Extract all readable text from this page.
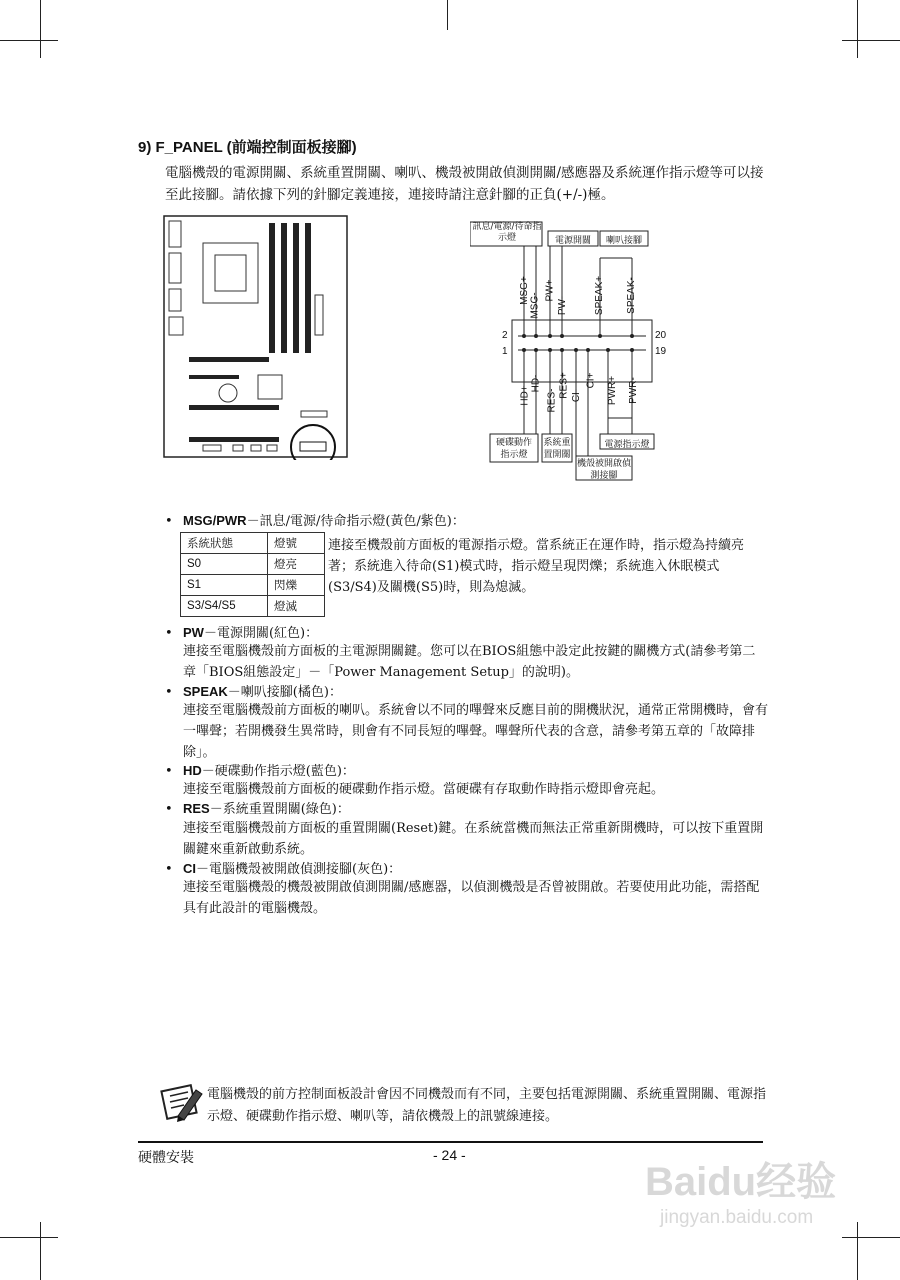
9) F_PANEL (前端控制面板接腳)
電腦機殼的電源開關、系統重置開關、喇叭、機殼被開啟偵測開關/感應器及系統運作指示燈等可以接至此接腳。請依據下列的針腳定義連接，連接時請注意針腳的正負(+/-)極。
訊息/電源/待命指示燈	電源開關	喇叭接腳
MSG+
MSG-
PW+
PW-	SPEAK+ SPEAK-
2
1
20
19
HD+
HD-
RES-
RES+ CI-
CI+ PWR+ PWR-
硬碟動作指示燈
系統重置開關
機殼被開啟偵測接腳
電源指示燈
• MSG/PWR－訊息/電源/待命指示燈(黃色/紫色)：
系統狀態	燈號
S0	燈亮
S1	閃爍
S3/S4/S5	燈滅
連接至機殼前方面板的電源指示燈。當系統正在運作時，指示燈為持續亮著；系統進入待命(S1)模式時，指示燈呈現閃爍；系統進入休眠模式(S3/S4)及關機(S5)時，則為熄滅。
• PW－電源開關(紅色)：
連接至電腦機殼前方面板的主電源開關鍵。您可以在BIOS組態中設定此按鍵的關機方式(請參考第二章「BIOS組態設定」－「Power Management Setup」的說明)。
• SPEAK－喇叭接腳(橘色)：
連接至電腦機殼前方面板的喇叭。系統會以不同的嗶聲來反應目前的開機狀況，通常正常開機時，會有一嗶聲；若開機發生異常時，則會有不同長短的嗶聲。嗶聲所代表的含意，請參考第五章的「故障排除」。
• HD－硬碟動作指示燈(藍色)：
連接至電腦機殼前方面板的硬碟動作指示燈。當硬碟有存取動作時指示燈即會亮起。
• RES－系統重置開關(綠色)：
連接至電腦機殼前方面板的重置開關(Reset)鍵。在系統當機而無法正常重新開機時，可以按下重置開關鍵來重新啟動系統。
• CI－電腦機殼被開啟偵測接腳(灰色)：
連接至電腦機殼的機殼被開啟偵測開關/感應器，以偵測機殼是否曾被開啟。若要使用此功能，需搭配具有此設計的電腦機殼。
電腦機殼的前方控制面板設計會因不同機殼而有不同，主要包括電源開關、系統重置開關、電源指示燈、硬碟動作指示燈、喇叭等，請依機殼上的訊號線連接。
硬體安裝	- 24 -
Baidu经验
jingyan.baidu.com
